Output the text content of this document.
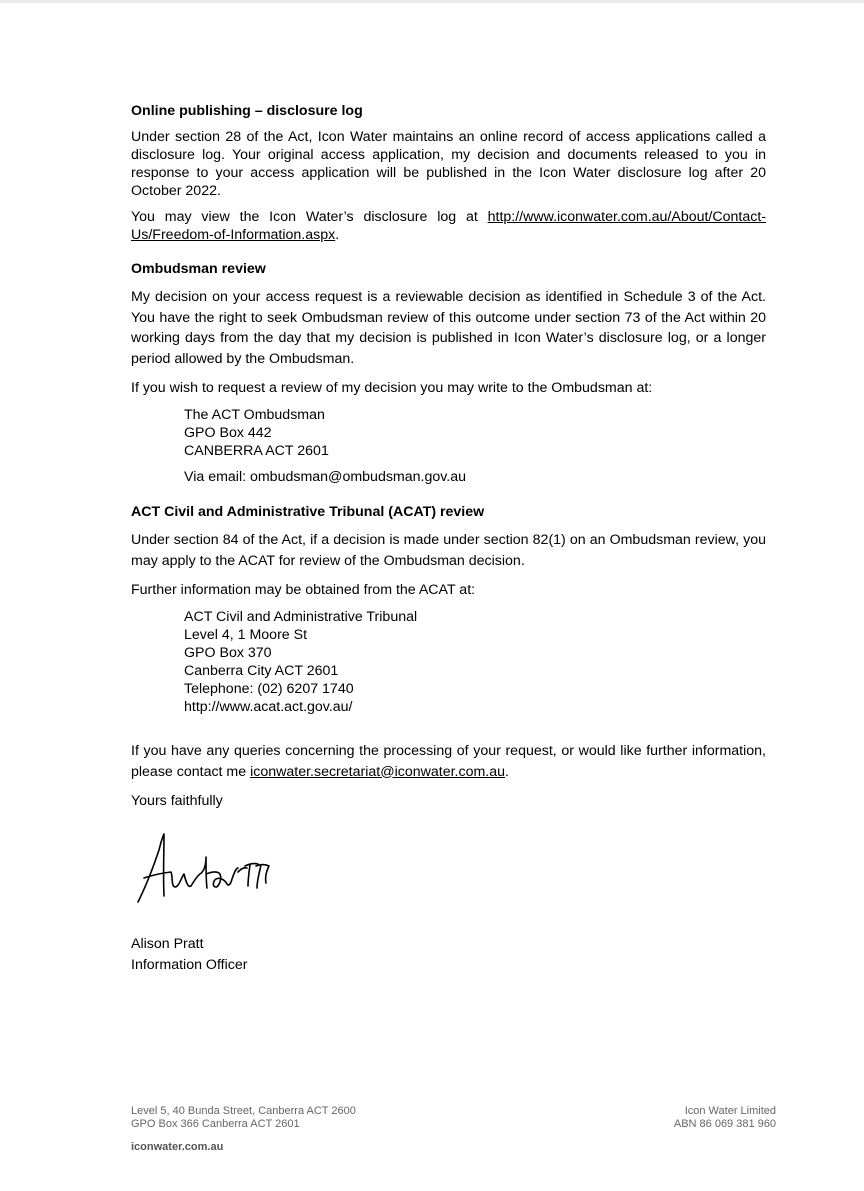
Online publishing – disclosure log
Under section 28 of the Act, Icon Water maintains an online record of access applications called a disclosure log. Your original access application, my decision and documents released to you in response to your access application will be published in the Icon Water disclosure log after 20 October 2022.
You may view the Icon Water’s disclosure log at http://www.iconwater.com.au/About/Contact-Us/Freedom-of-Information.aspx.
Ombudsman review
My decision on your access request is a reviewable decision as identified in Schedule 3 of the Act. You have the right to seek Ombudsman review of this outcome under section 73 of the Act within 20 working days from the day that my decision is published in Icon Water’s disclosure log, or a longer period allowed by the Ombudsman.
If you wish to request a review of my decision you may write to the Ombudsman at:
The ACT Ombudsman
GPO Box 442
CANBERRA ACT 2601
Via email: ombudsman@ombudsman.gov.au
ACT Civil and Administrative Tribunal (ACAT) review
Under section 84 of the Act, if a decision is made under section 82(1) on an Ombudsman review, you may apply to the ACAT for review of the Ombudsman decision.
Further information may be obtained from the ACAT at:
ACT Civil and Administrative Tribunal
Level 4, 1 Moore St
GPO Box 370
Canberra City ACT 2601
Telephone: (02) 6207 1740
http://www.acat.act.gov.au/
If you have any queries concerning the processing of your request, or would like further information, please contact me iconwater.secretariat@iconwater.com.au.
Yours faithfully
Alison Pratt
Information Officer
Level 5, 40 Bunda Street, Canberra ACT 2600
GPO Box 366 Canberra ACT 2601
Icon Water Limited
ABN 86 069 381 960
iconwater.com.au
